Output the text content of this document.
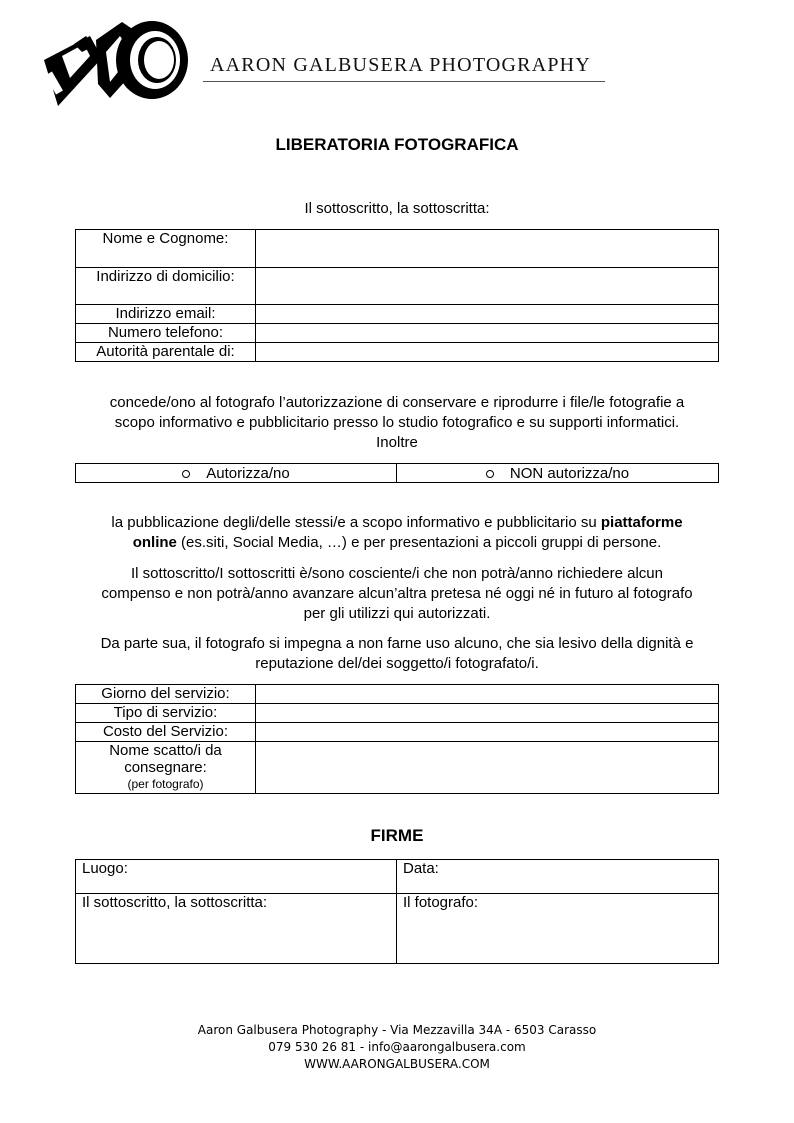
AARON GALBUSERA PHOTOGRAPHY
LIBERATORIA FOTOGRAFICA
Il sottoscritto, la sottoscritta:
Nome e Cognome:	
Indirizzo di domicilio:	
Indirizzo email:	
Numero telefono:	
Autorità parentale di:	
concede/ono al fotografo l’autorizzazione di conservare e riprodurre i file/le fotografie a
scopo informativo e pubblicitario presso lo studio fotografico e su supporti informatici.
Inoltre
Autorizza/no	NON autorizza/no
la pubblicazione degli/delle stessi/e a scopo informativo e pubblicitario su piattaforme
online (es.siti, Social Media, …) e per presentazioni a piccoli gruppi di persone.
Il sottoscritto/I sottoscritti è/sono cosciente/i che non potrà/anno richiedere alcun
compenso e non potrà/anno avanzare alcun’altra pretesa né oggi né in futuro al fotografo
per gli utilizzi qui autorizzati.
Da parte sua, il fotografo si impegna a non farne uso alcuno, che sia lesivo della dignità e
reputazione del/dei soggetto/i fotografato/i.
Giorno del servizio:	
Tipo di servizio:	
Costo del Servizio:	

Nome scatto/i da
consegnare:
(per fotografo)	

FIRME
Luogo:	Data:
Il sottoscritto, la sottoscritta:	Il fotografo:
Aaron Galbusera Photography - Via Mezzavilla 34A - 6503 Carasso
079 530 26 81 - info@aarongalbusera.com
WWW.AARONGALBUSERA.COM
